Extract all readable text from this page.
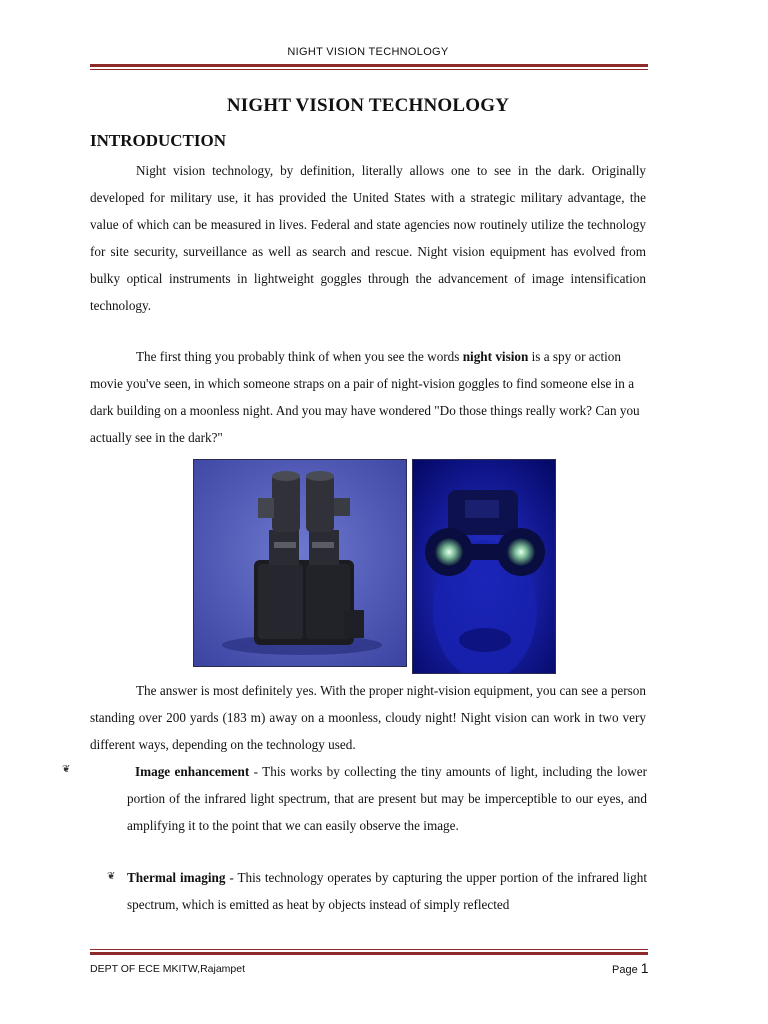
NIGHT VISION TECHNOLOGY
NIGHT VISION TECHNOLOGY
INTRODUCTION

Night vision technology, by definition, literally allows one to see in the dark. Originally developed for military use, it has provided the United States with a strategic military advantage, the value of which can be measured in lives. Federal and state agencies now routinely utilize the technology for site security, surveillance as well as search and rescue. Night vision equipment has evolved from bulky optical instruments in lightweight goggles through the advancement of image intensification technology.

The first thing you probably think of when you see the words night vision is a spy or action movie you've seen, in which someone straps on a pair of night-vision goggles to find someone else in a dark building on a moonless night. And you may have wondered "Do those things really work? Can you actually see in the dark?"

The answer is most definitely yes. With the proper night-vision equipment, you can see a person standing over 200 yards (183 m) away on a moonless, cloudy night! Night vision can work in two very different ways, depending on the technology used.

❦	Image enhancement - This works by collecting the tiny amounts of light, including the lower portion of the infrared light spectrum, that are present but may be imperceptible to our eyes, and amplifying it to the point that we can easily observe the image.

❦ Thermal imaging - This technology operates by capturing the upper portion of the infrared light spectrum, which is emitted as heat by objects instead of simply reflected

DEPT OF ECE MKITW,Rajampet	Page 1
